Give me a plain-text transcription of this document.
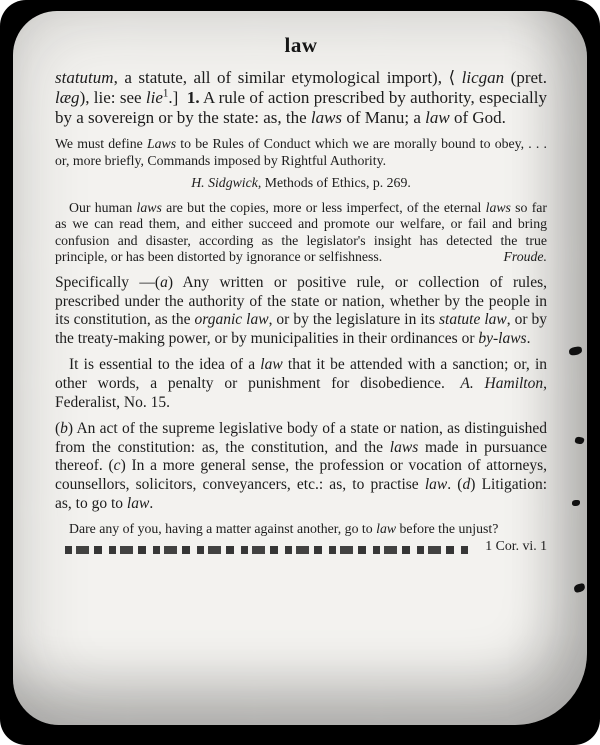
law

statutum, a statute, all of similar etymological import), ⟨ licgan (pret. læg), lie: see lie$^1$.] 1. A rule of action prescribed by authority, especially by a sovereign or by the state: as, the laws of Manu; a law of God.

We must define Laws to be Rules of Conduct which we are morally bound to obey, . . . or, more briefly, Commands imposed by Rightful Authority.

H. Sidgwick, Methods of Ethics, p. 269.

Our human laws are but the copies, more or less imperfect, of the eternal laws so far as we can read them, and either succeed and promote our welfare, or fail and bring confusion and disaster, according as the legislator's insight has detected the true principle, or has been distorted by ignorance or selfishness.	Froude.

Specifically —(a) Any written or positive rule, or collection of rules, prescribed under the authority of the state or nation, whether by the people in its constitution, as the organic law, or by the legislature in its statute law, or by the treaty-making power, or by municipalities in their ordinances or by-laws.

It is essential to the idea of a law that it be attended with a sanction; or, in other words, a penalty or punishment for disobedience.  A. Hamilton, Federalist, No. 15.

(b) An act of the supreme legislative body of a state or nation, as distinguished from the constitution: as, the constitution, and the laws made in pursuance thereof. (c) In a more general sense, the profession or vocation of attorneys, counsellors, solicitors, conveyancers, etc.: as, to practise law. (d) Litigation: as, to go to law.

Dare any of you, having a matter against another, go to law before the unjust?
1 Cor. vi. 1
